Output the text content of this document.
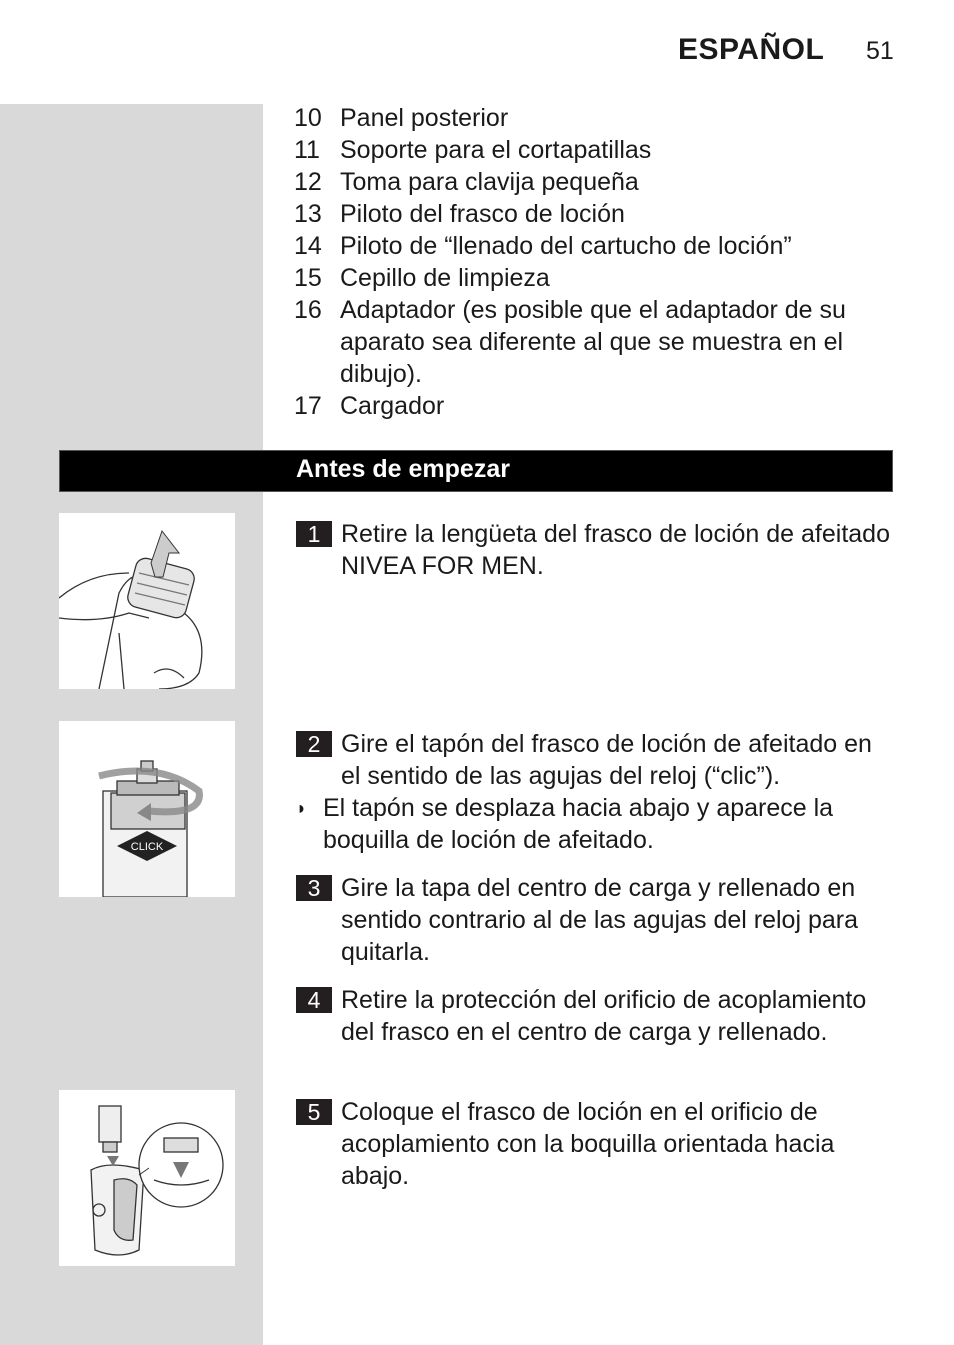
ESPAÑOL 51
10 Panel posterior
11 Soporte para el cortapatillas
12 Toma para clavija pequeña
13 Piloto del frasco de loción
14 Piloto de “llenado del cartucho de loción”
15 Cepillo de limpieza
16 Adaptador (es posible que el adaptador de su aparato sea diferente al que se muestra en el dibujo).
17 Cargador
Antes de empezar
CLICK
1 Retire la lengüeta del frasco de loción de afeitado NIVEA FOR MEN.
2 Gire el tapón del frasco de loción de afeitado en el sentido de las agujas del reloj (“clic”).
◗ El tapón se desplaza hacia abajo y aparece la boquilla de loción de afeitado.
3 Gire la tapa del centro de carga y rellenado en sentido contrario al de las agujas del reloj para quitarla.
4 Retire la protección del orificio de acoplamiento del frasco en el centro de carga y rellenado.
5 Coloque el frasco de loción en el orificio de acoplamiento con la boquilla orientada hacia abajo.
